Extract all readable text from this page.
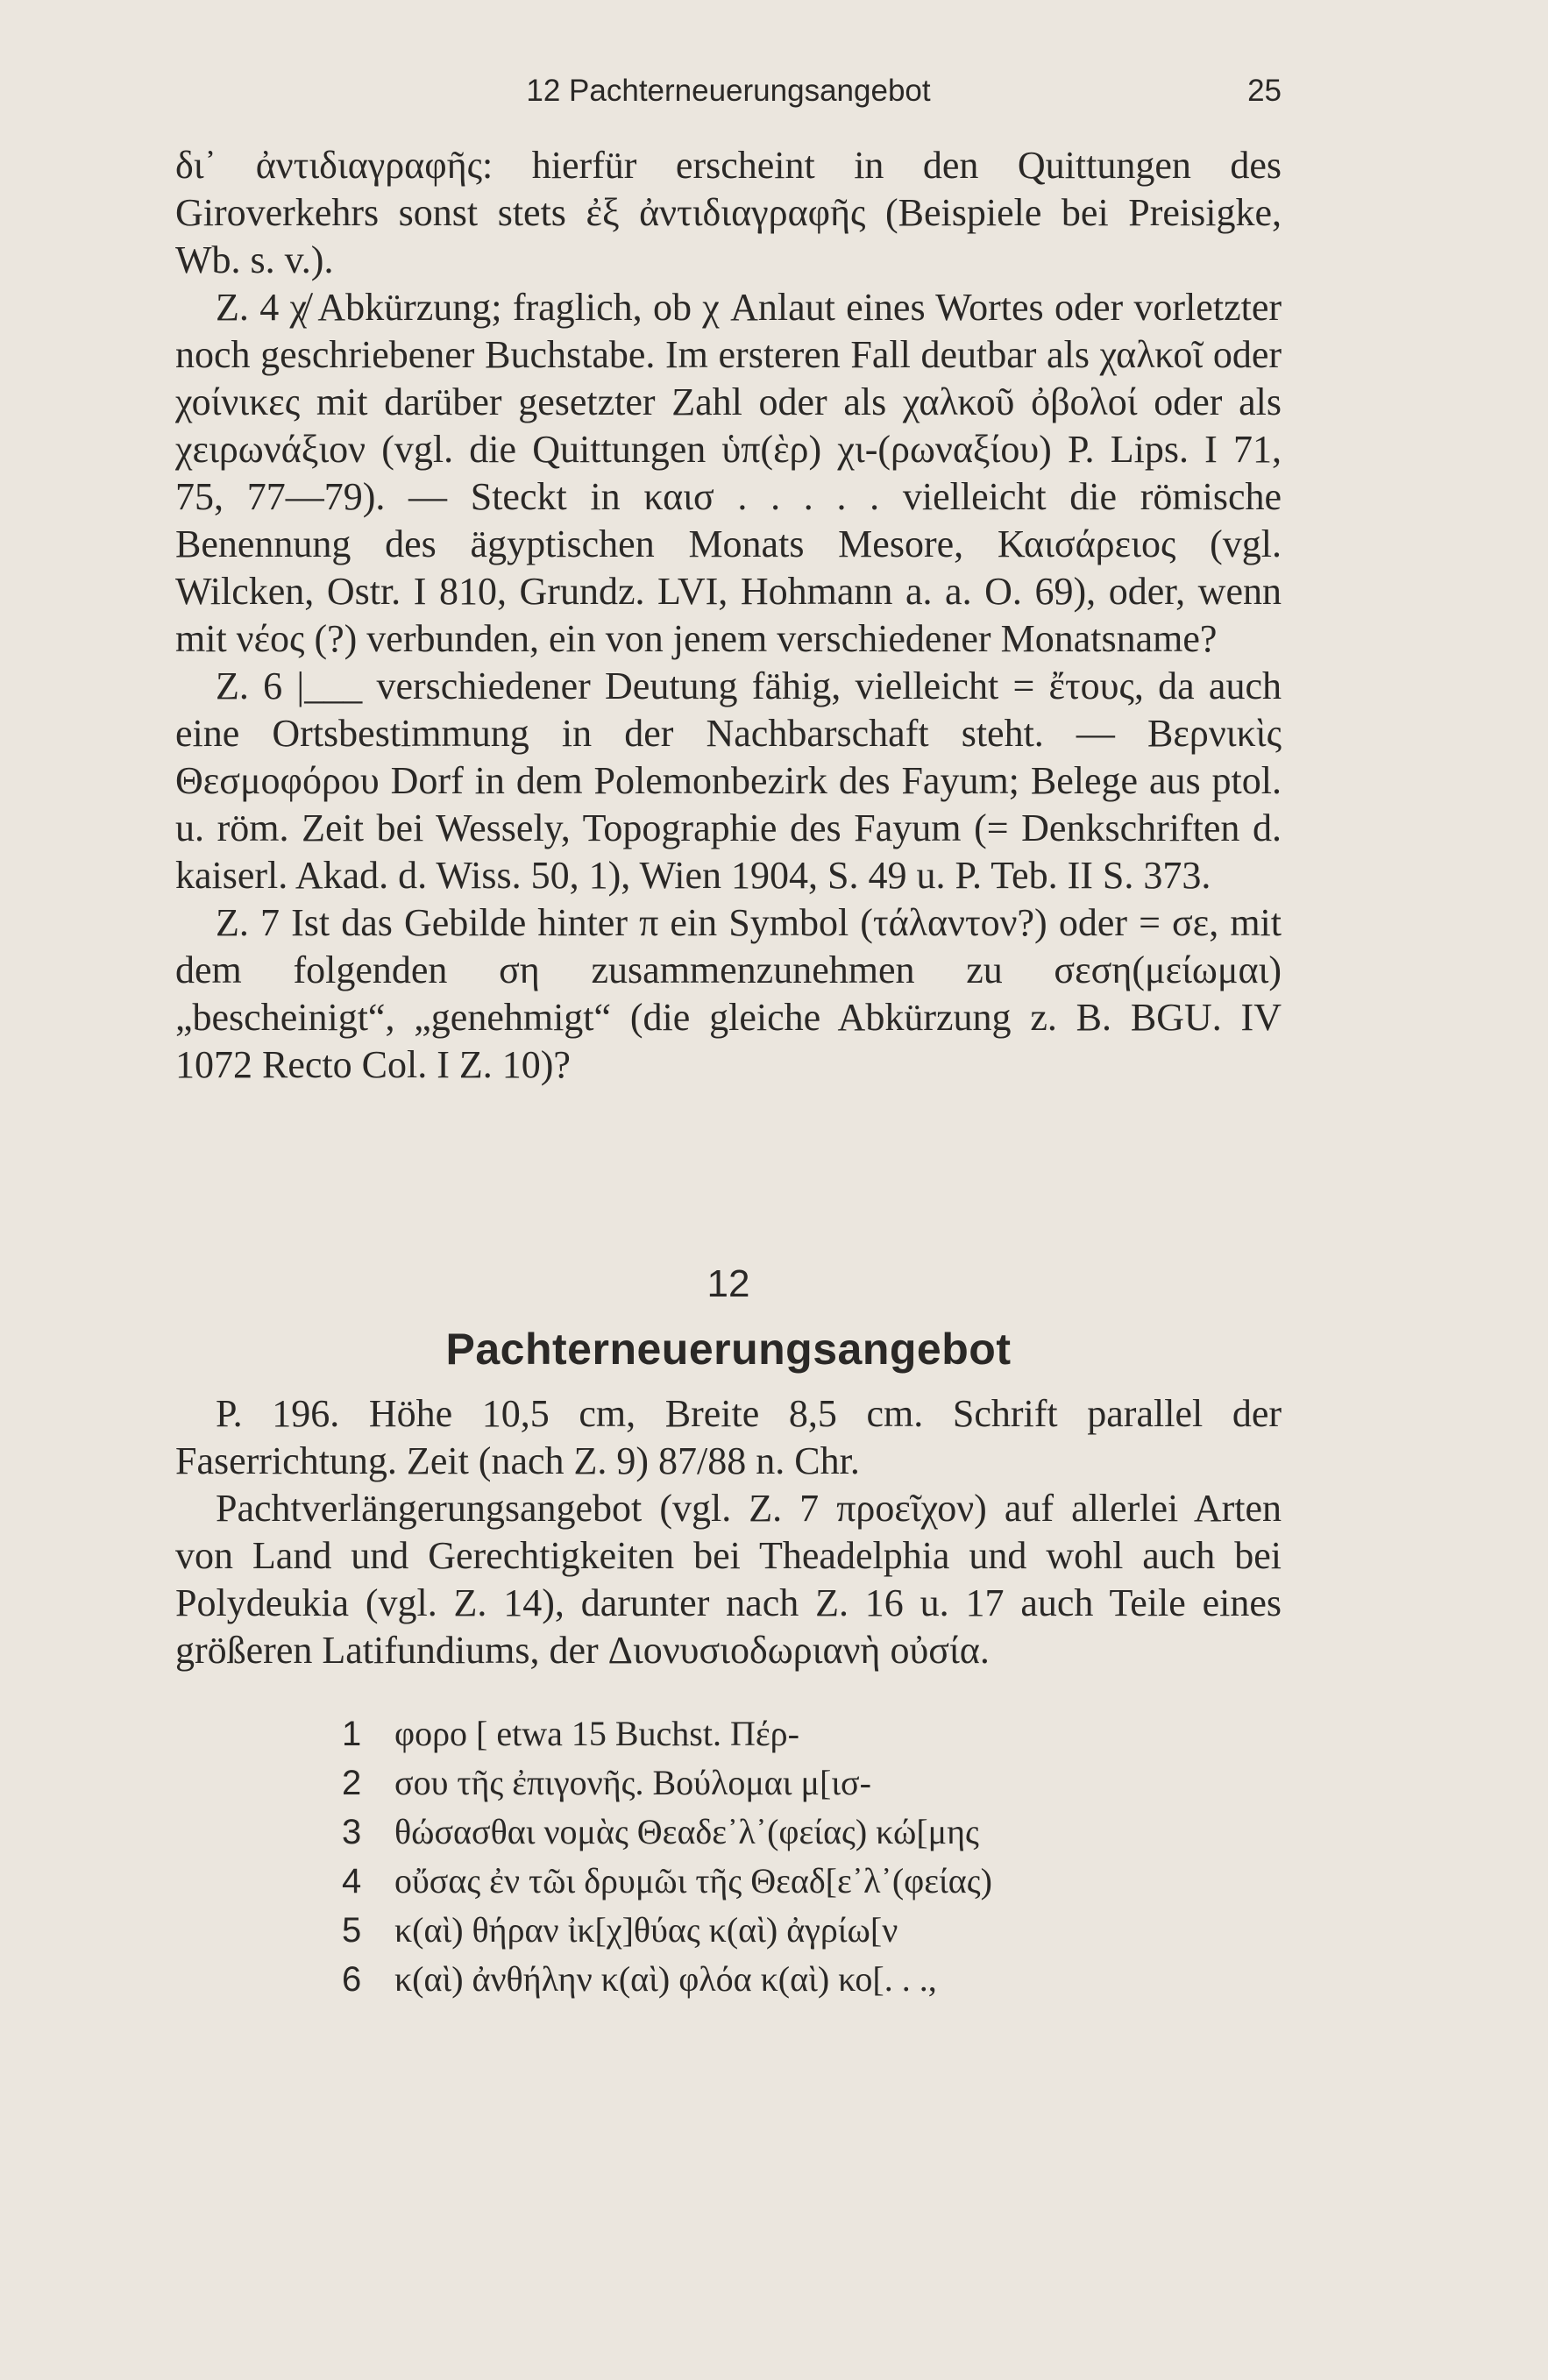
12 Pachterneuerungsangebot	25

δι᾽ ἀντιδιαγραφῆς: hierfür erscheint in den Quittungen des Giroverkehrs sonst stets ἐξ ἀντιδιαγραφῆς (Beispiele bei Preisigke, Wb. s. v.).

Z. 4 χ̸ Abkürzung; fraglich, ob χ Anlaut eines Wortes oder vorletzter noch geschriebener Buchstabe. Im ersteren Fall deutbar als χαλκοῖ oder χοίνικες mit darüber gesetzter Zahl oder als χαλκοῦ ὀβολοί oder als χειρωνάξιον (vgl. die Quittungen ὑπ(ὲρ) χι-(ρωναξίου) P. Lips. I 71, 75, 77—79). — Steckt in καισ . . . . . vielleicht die römische Benennung des ägyptischen Monats Mesore, Καισάρειος (vgl. Wilcken, Ostr. I 810, Grundz. LVI, Hohmann a. a. O. 69), oder, wenn mit νέος (?) verbunden, ein von jenem verschiedener Monatsname?

Z. 6 |___ verschiedener Deutung fähig, vielleicht = ἔτους, da auch eine Ortsbestimmung in der Nachbarschaft steht. — Βερνικὶς Θεσμοφόρου Dorf in dem Polemonbezirk des Fayum; Belege aus ptol. u. röm. Zeit bei Wessely, Topographie des Fayum (= Denkschriften d. kaiserl. Akad. d. Wiss. 50, 1), Wien 1904, S. 49 u. P. Teb. II S. 373.

Z. 7 Ist das Gebilde hinter π ein Symbol (τάλαντον?) oder = σε, mit dem folgenden ση zusammenzunehmen zu σεση(μείωμαι) „bescheinigt“, „genehmigt“ (die gleiche Abkürzung z. B. BGU. IV 1072 Recto Col. I Z. 10)?

12
Pachterneuerungsangebot

P. 196. Höhe 10,5 cm, Breite 8,5 cm. Schrift parallel der Faserrichtung. Zeit (nach Z. 9) 87/88 n. Chr.

Pachtverlängerungsangebot (vgl. Z. 7 προεῖχον) auf allerlei Arten von Land und Gerechtigkeiten bei Theadelphia und wohl auch bei Polydeukia (vgl. Z. 14), darunter nach Z. 16 u. 17 auch Teile eines größeren Latifundiums, der Διονυσιοδωριανὴ οὐσία.

1 φορο [ etwa 15 Buchst. Πέρ-
2 σου τῆς ἐπιγονῆς. Βούλομαι μ[ισ-
3 θώσασθαι νομὰς Θεαδε᾽λ᾽(φείας) κώ[μης
4 οὔσας ἐν τῶι δρυμῶι τῆς Θεαδ[ε᾽λ᾽(φείας)
5 κ(αὶ) θήραν ἰκ[χ]θύας κ(αὶ) ἀγρίω[ν
6 κ(αὶ) ἀνθήλην κ(αὶ) φλόα κ(αὶ) κο[. . .,
